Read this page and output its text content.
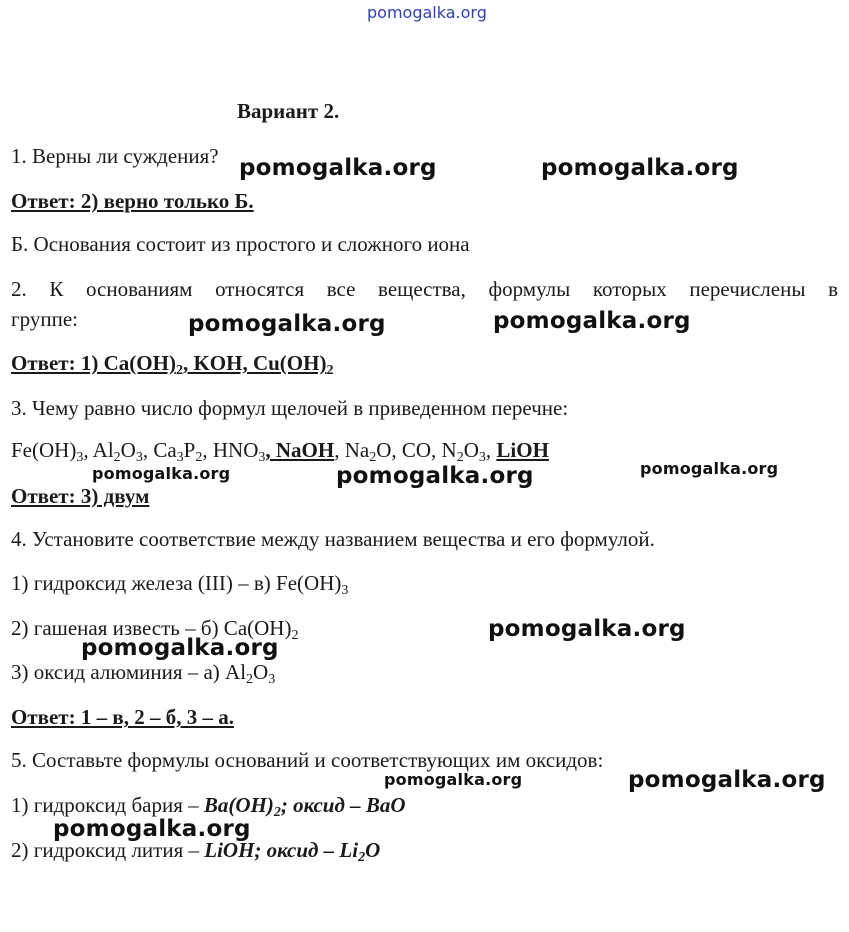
pomogalka.org
Вариант 2.
1. Верны ли суждения?
Ответ: 2) верно только Б.
Б. Основания состоит из простого и сложного иона
2. К основаниям относятся все вещества, формулы которых перечислены в
группе:
Ответ: 1) $Ca(OH)_2$, KOH, $Cu(OH)_2$
3. Чему равно число формул щелочей в приведенном перечне:
$Fe(OH)_3$, $Al_2O_3$, $Ca_3P_2$, $HNO_3$, NaOH, $Na_2O$, CO, $N_2O_3$, LiOH
Ответ: 3) двум
4. Установите соответствие между названием вещества и его формулой.
1) гидроксид железа (III) – в) $Fe(OH)_3$
2) гашеная известь – б) $Ca(OH)_2$
3) оксид алюминия – а) $Al_2O_3$
Ответ: 1 – в, 2 – б, 3 – а.
5. Составьте формулы оснований и соответствующих им оксидов:
1) гидроксид бария – $Ba(OH)_2$; оксид – BaO
2) гидроксид лития – LiOH; оксид – $Li_2O$
pomogalka.org	pomogalka.org
pomogalka.org	pomogalka.org
pomogalka.org	pomogalka.org	pomogalka.org
pomogalka.org
pomogalka.org
pomogalka.org	pomogalka.org
pomogalka.org
